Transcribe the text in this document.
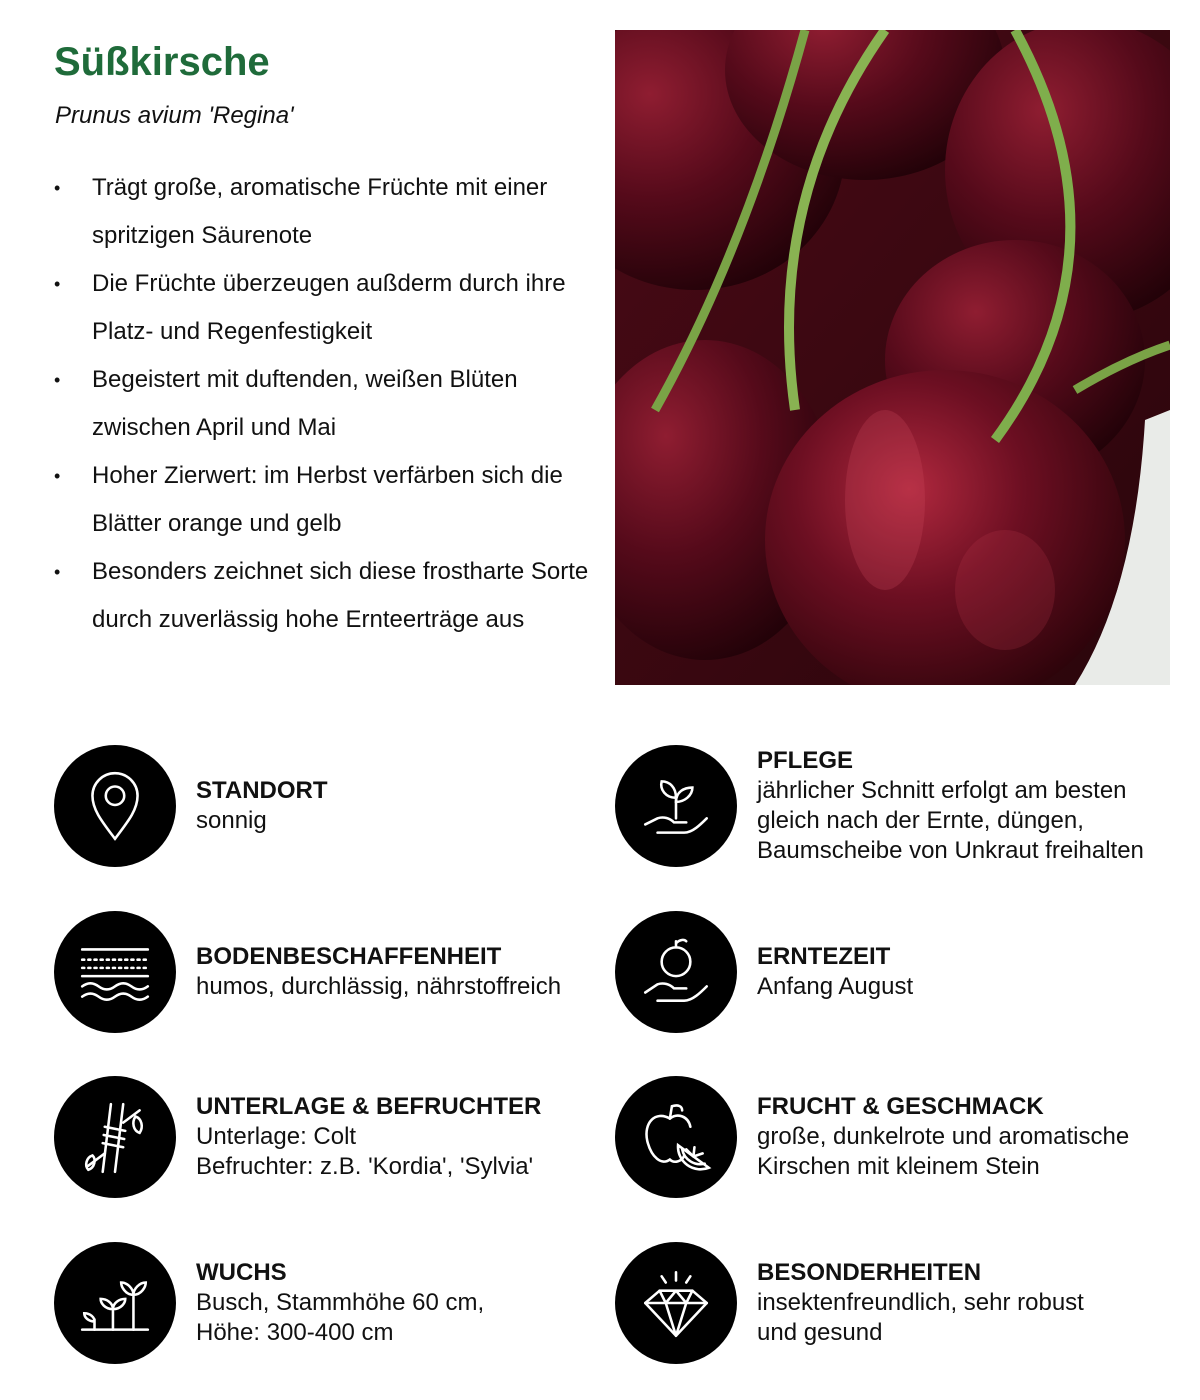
Süßkirsche

Prunus avium 'Regina'

• Trägt große, aromatische Früchte mit einer spritzigen Säurenote
• Die Früchte überzeugen außderm durch ihre Platz- und Regenfestigkeit
• Begeistert mit duftenden, weißen Blüten zwischen April und Mai
• Hoher Zierwert: im Herbst verfärben sich die Blätter orange und gelb
• Besonders zeichnet sich diese frostharte Sorte durch zuverlässig hohe Ernteerträge aus
STANDORT
sonnig
PFLEGE
jährlicher Schnitt erfolgt am besten
gleich nach der Ernte, düngen,
Baumscheibe von Unkraut freihalten
BODENBESCHAFFENHEIT
humos, durchlässig, nährstoffreich
ERNTEZEIT
Anfang August
UNTERLAGE & BEFRUCHTER
Unterlage: Colt
Befruchter: z.B. 'Kordia', 'Sylvia'
FRUCHT & GESCHMACK
große, dunkelrote und aromatische
Kirschen mit kleinem Stein
WUCHS
Busch, Stammhöhe 60 cm,
Höhe: 300-400 cm
BESONDERHEITEN
insektenfreundlich, sehr robust
und gesund
